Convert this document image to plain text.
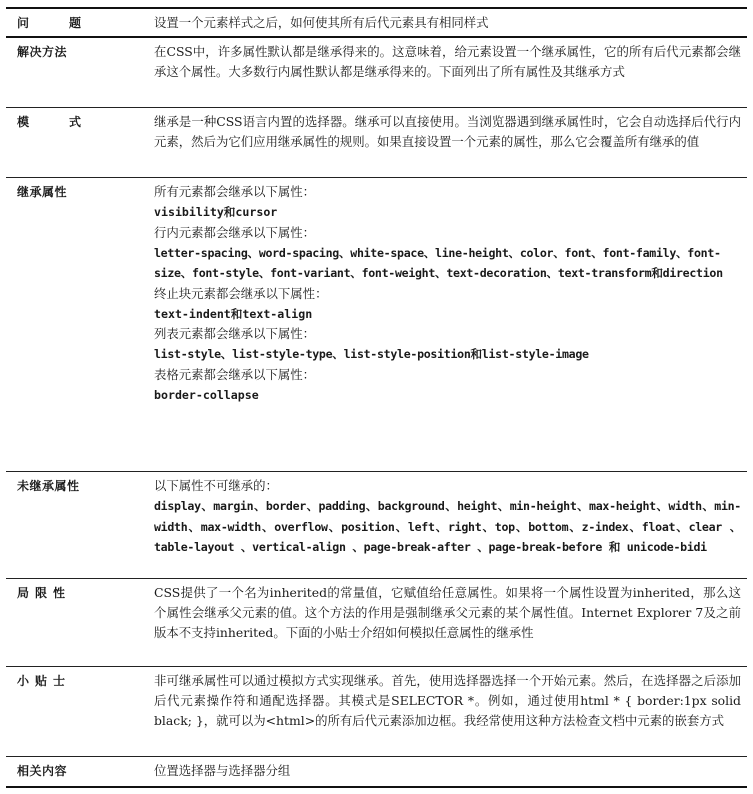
问　题	设置一个元素样式之后，如何使其所有后代元素具有相同样式
解决方法	在CSS中，许多属性默认都是继承得来的。这意味着，给元素设置一个继承属性，它的所有后代元素都会继承这个属性。大多数行内属性默认都是继承得来的。下面列出了所有属性及其继承方式
模　式	继承是一种CSS语言内置的选择器。继承可以直接使用。当浏览器遇到继承属性时，它会自动选择后代行内元素，然后为它们应用继承属性的规则。如果直接设置一个元素的属性，那么它会覆盖所有继承的值
继承属性	所有元素都会继承以下属性：

visibility和cursor

行内元素都会继承以下属性：

letter-spacing、word-spacing、white-space、line-height、color、font、font-family、font-size、font-style、font-variant、font-weight、text-decoration、text-transform和direction

终止块元素都会继承以下属性：

text-indent和text-align

列表元素都会继承以下属性：

list-style、list-style-type、list-style-position和list-style-image

表格元素都会继承以下属性：

border-collapse

未继承属性	以下属性不可继承的：

display、margin、border、padding、background、height、min-height、max-height、width、min-width、max-width、overflow、position、left、right、top、bottom、z-index、float、clear 、table-layout 、vertical-align 、page-break-after 、page-break-before 和 unicode-bidi

局限性	CSS提供了一个名为inherited的常量值，它赋值给任意属性。如果将一个属性设置为inherited，那么这个属性会继承父元素的值。这个方法的作用是强制继承父元素的某个属性值。Internet Explorer 7及之前版本不支持inherited。下面的小贴士介绍如何模拟任意属性的继承性
小贴士	非可继承属性可以通过模拟方式实现继承。首先，使用选择器选择一个开始元素。然后，在选择器之后添加后代元素操作符和通配选择器。其模式是SELECTOR *。例如，通过使用html * { border:1px solid black; }，就可以为<html>的所有后代元素添加边框。我经常使用这种方法检查文档中元素的嵌套方式
相关内容	位置选择器与选择器分组
